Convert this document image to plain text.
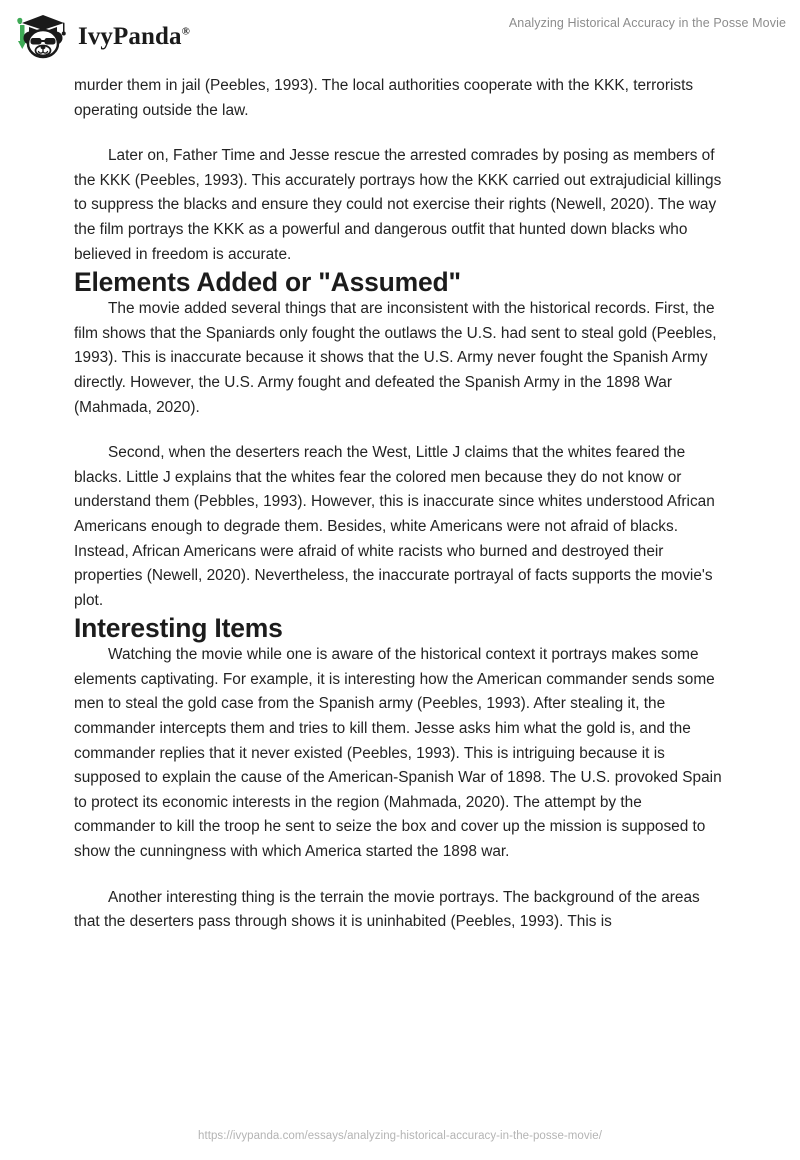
IvyPanda®
Analyzing Historical Accuracy in the Posse Movie

murder them in jail (Peebles, 1993). The local authorities cooperate with the KKK, terrorists operating outside the law.

Later on, Father Time and Jesse rescue the arrested comrades by posing as members of the KKK (Peebles, 1993). This accurately portrays how the KKK carried out extrajudicial killings to suppress the blacks and ensure they could not exercise their rights (Newell, 2020). The way the film portrays the KKK as a powerful and dangerous outfit that hunted down blacks who believed in freedom is accurate.

Elements Added or "Assumed"

The movie added several things that are inconsistent with the historical records. First, the film shows that the Spaniards only fought the outlaws the U.S. had sent to steal gold (Peebles, 1993). This is inaccurate because it shows that the U.S. Army never fought the Spanish Army directly. However, the U.S. Army fought and defeated the Spanish Army in the 1898 War (Mahmada, 2020).

Second, when the deserters reach the West, Little J claims that the whites feared the blacks. Little J explains that the whites fear the colored men because they do not know or understand them (Pebbles, 1993). However, this is inaccurate since whites understood African Americans enough to degrade them. Besides, white Americans were not afraid of blacks. Instead, African Americans were afraid of white racists who burned and destroyed their properties (Newell, 2020). Nevertheless, the inaccurate portrayal of facts supports the movie's plot.

Interesting Items

Watching the movie while one is aware of the historical context it portrays makes some elements captivating. For example, it is interesting how the American commander sends some men to steal the gold case from the Spanish army (Peebles, 1993). After stealing it, the commander intercepts them and tries to kill them. Jesse asks him what the gold is, and the commander replies that it never existed (Peebles, 1993). This is intriguing because it is supposed to explain the cause of the American-Spanish War of 1898. The U.S. provoked Spain to protect its economic interests in the region (Mahmada, 2020). The attempt by the commander to kill the troop he sent to seize the box and cover up the mission is supposed to show the cunningness with which America started the 1898 war.

Another interesting thing is the terrain the movie portrays. The background of the areas that the deserters pass through shows it is uninhabited (Peebles, 1993). This is

https://ivypanda.com/essays/analyzing-historical-accuracy-in-the-posse-movie/
